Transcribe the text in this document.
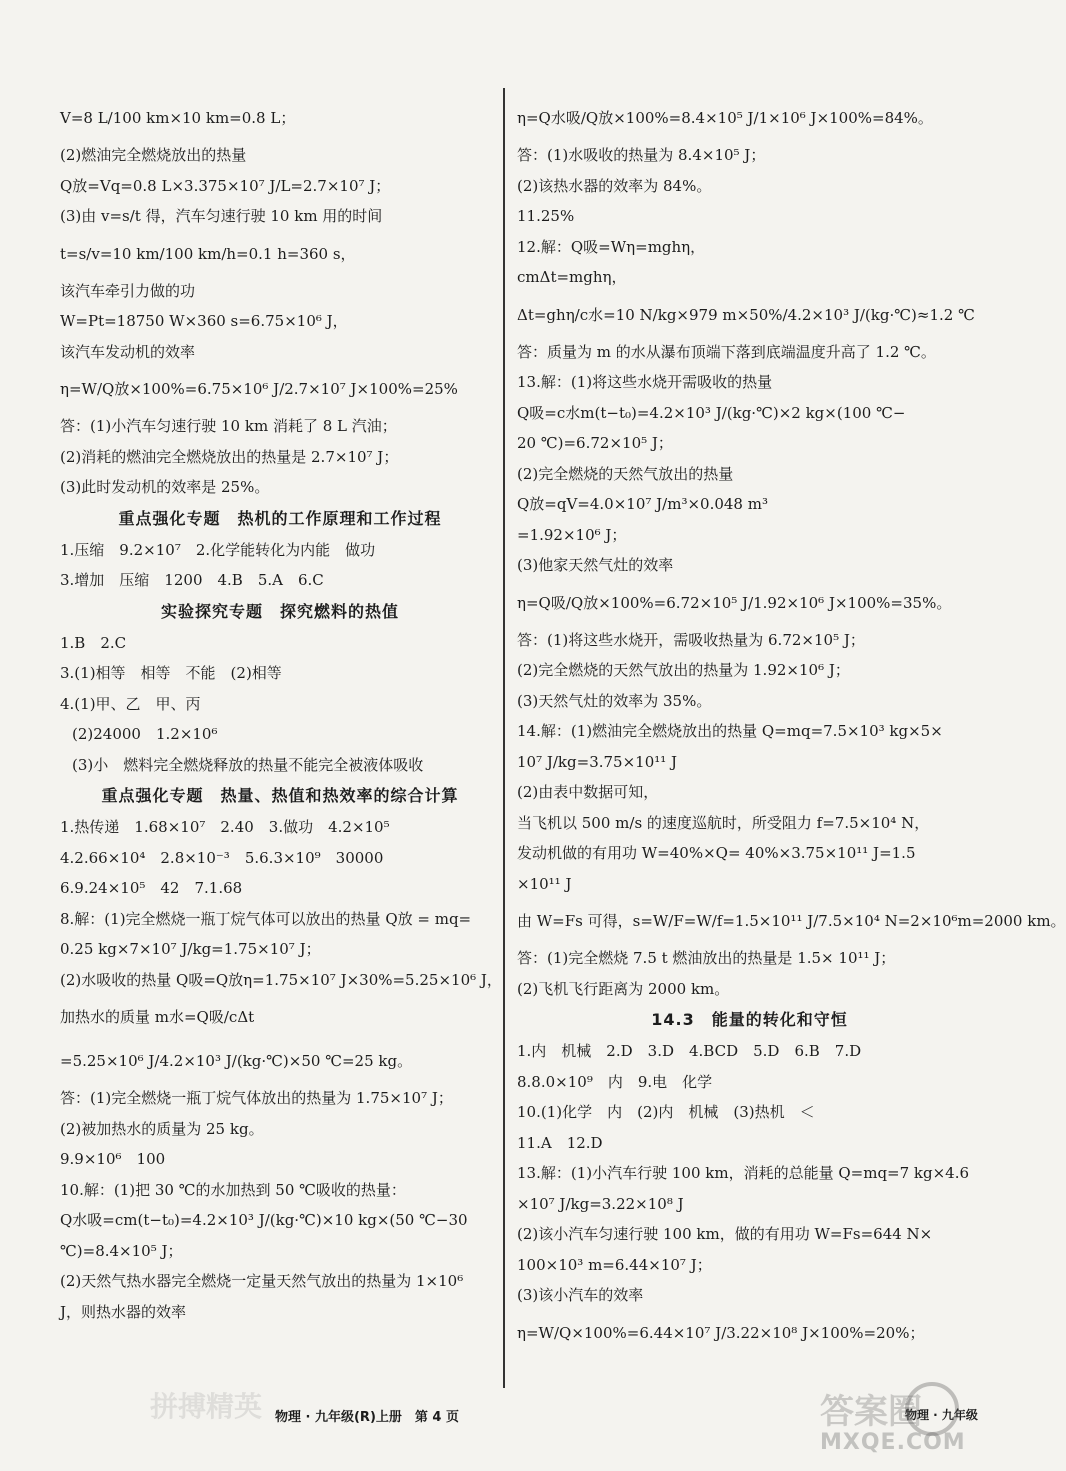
V=8 L/100 km×10 km=0.8 L；
(2)燃油完全燃烧放出的热量
Q放=Vq=0.8 L×3.375×10⁷ J/L=2.7×10⁷ J；
(3)由 v=s/t 得，汽车匀速行驶 10 km 用的时间
t=s/v=10 km/100 km/h=0.1 h=360 s，
该汽车牵引力做的功
W=Pt=18750 W×360 s=6.75×10⁶ J，
该汽车发动机的效率
η=W/Q放×100%=6.75×10⁶ J/2.7×10⁷ J×100%=25%
答：(1)小汽车匀速行驶 10 km 消耗了 8 L 汽油；
(2)消耗的燃油完全燃烧放出的热量是 2.7×10⁷ J；
(3)此时发动机的效率是 25%。
重点强化专题　热机的工作原理和工作过程
1.压缩　9.2×10⁷　2.化学能转化为内能　做功
3.增加　压缩　1200　4.B　5.A　6.C
实验探究专题　探究燃料的热值
1.B　2.C
3.(1)相等　相等　不能　(2)相等
4.(1)甲、乙　甲、丙
(2)24000　1.2×10⁶
(3)小　燃料完全燃烧释放的热量不能完全被液体吸收
重点强化专题　热量、热值和热效率的综合计算
1.热传递　1.68×10⁷　2.40　3.做功　4.2×10⁵
4.2.66×10⁴　2.8×10⁻³　5.6.3×10⁹　30000
6.9.24×10⁵　42　7.1.68
8.解：(1)完全燃烧一瓶丁烷气体可以放出的热量 Q放 = mq=
0.25 kg×7×10⁷ J/kg=1.75×10⁷ J；
(2)水吸收的热量 Q吸=Q放η=1.75×10⁷ J×30%=5.25×10⁶ J，
加热水的质量 m水=Q吸/cΔt
=5.25×10⁶ J/4.2×10³ J/(kg·℃)×50 ℃=25 kg。
答：(1)完全燃烧一瓶丁烷气体放出的热量为 1.75×10⁷ J；
(2)被加热水的质量为 25 kg。
9.9×10⁶　100
10.解：(1)把 30 ℃的水加热到 50 ℃吸收的热量：
Q水吸=cm(t−t₀)=4.2×10³ J/(kg·℃)×10 kg×(50 ℃−30
℃)=8.4×10⁵ J；
(2)天然气热水器完全燃烧一定量天然气放出的热量为 1×10⁶
J，则热水器的效率
η=Q水吸/Q放×100%=8.4×10⁵ J/1×10⁶ J×100%=84%。
答：(1)水吸收的热量为 8.4×10⁵ J；
(2)该热水器的效率为 84%。
11.25%
12.解：Q吸=Wη=mghη，
cmΔt=mghη，
Δt=ghη/c水=10 N/kg×979 m×50%/4.2×10³ J/(kg·℃)≈1.2 ℃
答：质量为 m 的水从瀑布顶端下落到底端温度升高了 1.2 ℃。
13.解：(1)将这些水烧开需吸收的热量
Q吸=c水m(t−t₀)=4.2×10³ J/(kg·℃)×2 kg×(100 ℃−
20 ℃)=6.72×10⁵ J；
(2)完全燃烧的天然气放出的热量
Q放=qV=4.0×10⁷ J/m³×0.048 m³
=1.92×10⁶ J；
(3)他家天然气灶的效率
η=Q吸/Q放×100%=6.72×10⁵ J/1.92×10⁶ J×100%=35%。
答：(1)将这些水烧开，需吸收热量为 6.72×10⁵ J；
(2)完全燃烧的天然气放出的热量为 1.92×10⁶ J；
(3)天然气灶的效率为 35%。
14.解：(1)燃油完全燃烧放出的热量 Q=mq=7.5×10³ kg×5×
10⁷ J/kg=3.75×10¹¹ J
(2)由表中数据可知，
当飞机以 500 m/s 的速度巡航时，所受阻力 f=7.5×10⁴ N，
发动机做的有用功 W=40%×Q= 40%×3.75×10¹¹ J=1.5
×10¹¹ J
由 W=Fs 可得，s=W/F=W/f=1.5×10¹¹ J/7.5×10⁴ N=2×10⁶m=2000 km。
答：(1)完全燃烧 7.5 t 燃油放出的热量是 1.5× 10¹¹ J；
(2)飞机飞行距离为 2000 km。
14.3　能量的转化和守恒
1.内　机械　2.D　3.D　4.BCD　5.D　6.B　7.D
8.8.0×10⁹　内　9.电　化学
10.(1)化学　内　(2)内　机械　(3)热机　＜
11.A　12.D
13.解：(1)小汽车行驶 100 km，消耗的总能量 Q=mq=7 kg×4.6
×10⁷ J/kg=3.22×10⁸ J
(2)该小汽车匀速行驶 100 km，做的有用功 W=Fs=644 N×
100×10³ m=6.44×10⁷ J；
(3)该小汽车的效率
η=W/Q×100%=6.44×10⁷ J/3.22×10⁸ J×100%=20%；
物理 · 九年级(R)上册　第 4 页	物理 · 九年级
拼搏精英	答案圈
MXQE.COM
